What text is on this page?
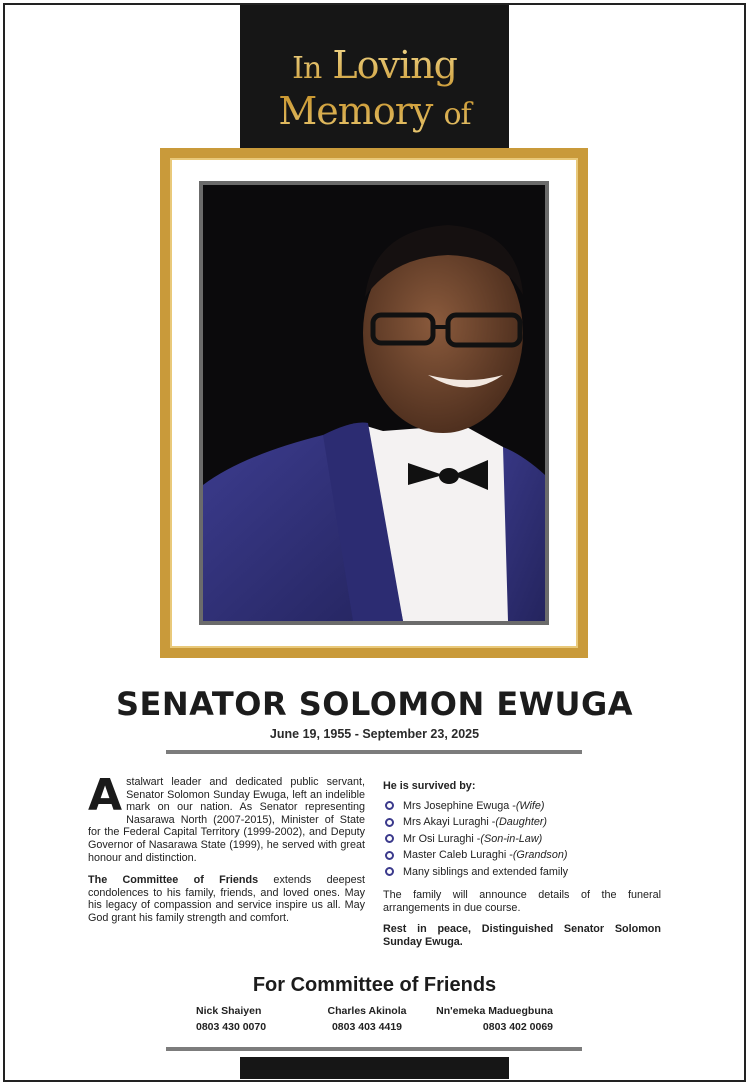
In Loving
Memory of
SENATOR SOLOMON EWUGA
June 19, 1955 - September 23, 2025

Astalwart leader and dedicated public servant, Senator Solomon Sunday Ewuga, left an indelible mark on our nation. As Senator representing Nasarawa North (2007-2015), Minister of State for the Federal Capital Territory (1999-2002), and Deputy Governor of Nasarawa State (1999), he served with great honour and distinction.

The Committee of Friends extends deepest condolences to his family, friends, and loved ones. May his legacy of compassion and service inspire us all. May God grant his family strength and comfort.

He is survived by:
Mrs Josephine Ewuga - (Wife)
Mrs Akayi Luraghi - (Daughter)
Mr Osi Luraghi - (Son-in-Law)
Master Caleb Luraghi - (Grandson)
Many siblings and extended family

The family will announce details of the funeral arrangements in due course.

Rest in peace, Distinguished Senator Solomon Sunday Ewuga.

For Committee of Friends
Nick Shaiyen
0803 430 0070
Charles Akinola
0803 403 4419
Nn'emeka Maduegbuna
0803 402 0069
